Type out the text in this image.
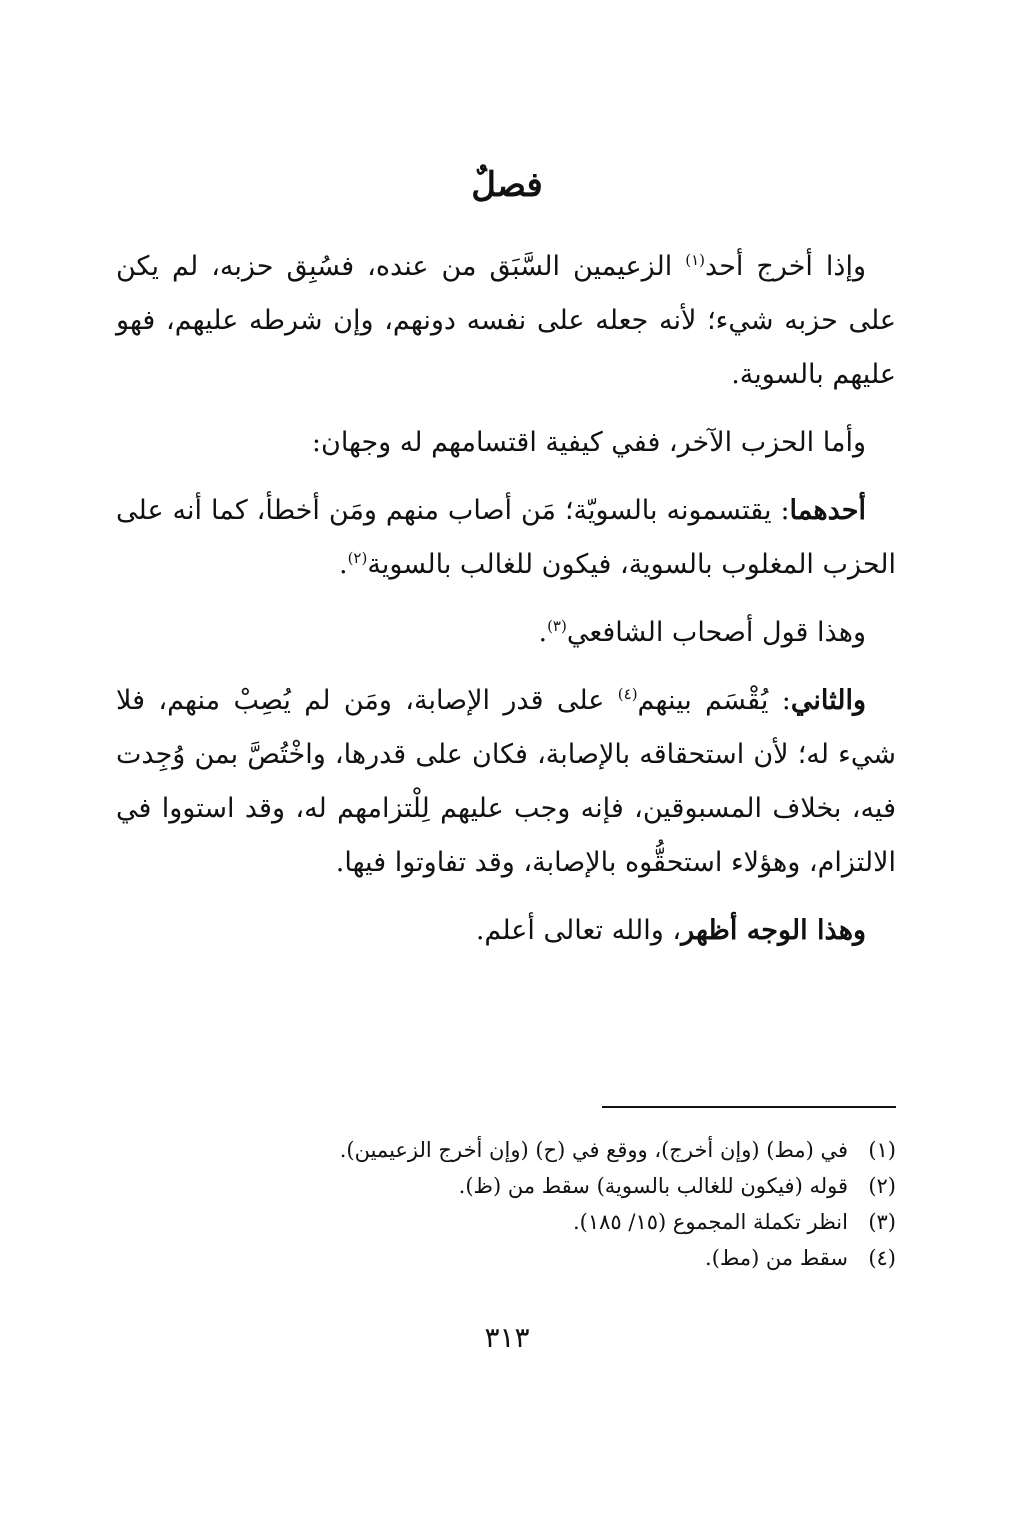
فصلٌ

وإذا أخرج أحد$^{(١)}$ الزعيمين السَّبَق من عنده، فسُبِق حزبه، لم يكن على حزبه شيء؛ لأنه جعله على نفسه دونهم، وإن شرطه عليهم، فهو عليهم بالسوية.

وأما الحزب الآخر، ففي كيفية اقتسامهم له وجهان:

أحدهما: يقتسمونه بالسويّة؛ مَن أصاب منهم ومَن أخطأ، كما أنه على الحزب المغلوب بالسوية، فيكون للغالب بالسوية$^{(٢)}$.

وهذا قول أصحاب الشافعي$^{(٣)}$.

والثاني: يُقْسَم بينهم$^{(٤)}$ على قدر الإصابة، ومَن لم يُصِبْ منهم، فلا شيء له؛ لأن استحقاقه بالإصابة، فكان على قدرها، واخْتُصَّ بمن وُجِدت فيه، بخلاف المسبوقين، فإنه وجب عليهم لِلْتزامهم له، وقد استووا في الالتزام، وهؤلاء استحقُّوه بالإصابة، وقد تفاوتوا فيها.

وهذا الوجه أظهر، والله تعالى أعلم.

(١)
في (مط) (وإن أخرج)، ووقع في (ح) (وإن أخرج الزعيمين).
(٢)
قوله (فيكون للغالب بالسوية) سقط من (ظ).
(٣)
انظر تكملة المجموع (١٥/ ١٨٥).
(٤)
سقط من (مط).
٣١٣
